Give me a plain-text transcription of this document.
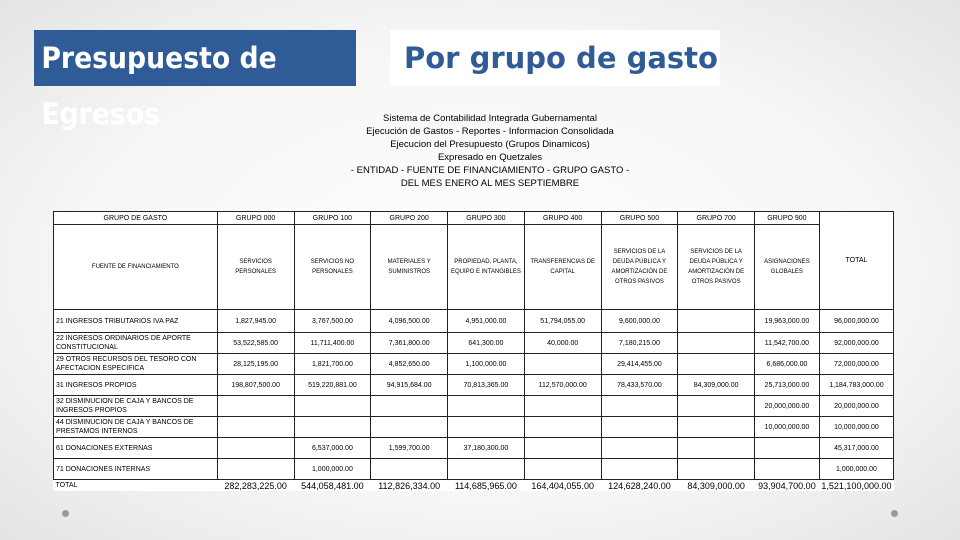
Presupuesto de Egresos
Por grupo de gasto
Sistema de Contabilidad Integrada Gubernamental
Ejecución de Gastos - Reportes - Informacion Consolidada
Ejecucion del Presupuesto (Grupos Dinamicos)
Expresado en Quetzales
- ENTIDAD - FUENTE DE FINANCIAMIENTO - GRUPO GASTO -
DEL MES ENERO AL MES SEPTIEMBRE
GRUPO DE GASTO	GRUPO 000	GRUPO 100	GRUPO 200	GRUPO 300	GRUPO 400	GRUPO 500	GRUPO 700	GRUPO 900	TOTAL
FUENTE DE FINANCIAMIENTO	SERVICIOS PERSONALES	SERVICIOS NO PERSONALES	MATERIALES Y SUMINISTROS	PROPIEDAD, PLANTA, EQUIPO E INTANGIBLES	TRANSFERENCIAS DE CAPITAL	SERVICIOS DE LA DEUDA PÚBLICA Y AMORTIZACIÓN DE OTROS PASIVOS	SERVICIOS DE LA DEUDA PÚBLICA Y AMORTIZACIÓN DE OTROS PASIVOS	ASIGNACIONES GLOBALES	
21 INGRESOS TRIBUTARIOS IVA PAZ	1,827,945.00	3,767,500.00	4,096,500.00	4,951,000.00	51,794,055.00	9,600,000.00		19,963,000.00	96,000,000.00
22 INGRESOS ORDINARIOS DE APORTE CONSTITUCIONAL	53,522,585.00	11,711,400.00	7,361,800.00	641,300.00	40,000.00	7,180,215.00		11,542,700.00	92,000,000.00
29 OTROS RECURSOS DEL TESORO CON AFECTACION ESPECIFICA	28,125,195.00	1,821,700.00	4,852,650.00	1,100,000.00		29,414,455.00		6,686,000.00	72,000,000.00
31 INGRESOS PROPIOS	198,807,500.00	519,220,881.00	94,915,684.00	70,813,365.00	112,570,000.00	78,433,570.00	84,309,000.00	25,713,000.00	1,184,783,000.00
32 DISMINUCION DE CAJA Y BANCOS DE INGRESOS PROPIOS								20,000,000.00	20,000,000.00
44 DISMINUCION DE CAJA Y BANCOS DE PRESTAMOS INTERNOS								10,000,000.00	10,000,000.00
61 DONACIONES EXTERNAS		6,537,000.00	1,599,700.00	37,180,300.00					45,317,000.00
71 DONACIONES INTERNAS		1,000,000.00							1,000,000.00
TOTAL	282,283,225.00	544,058,481.00	112,826,334.00	114,685,965.00	164,404,055.00	124,628,240.00	84,309,000.00	93,904,700.00	1,521,100,000.00
